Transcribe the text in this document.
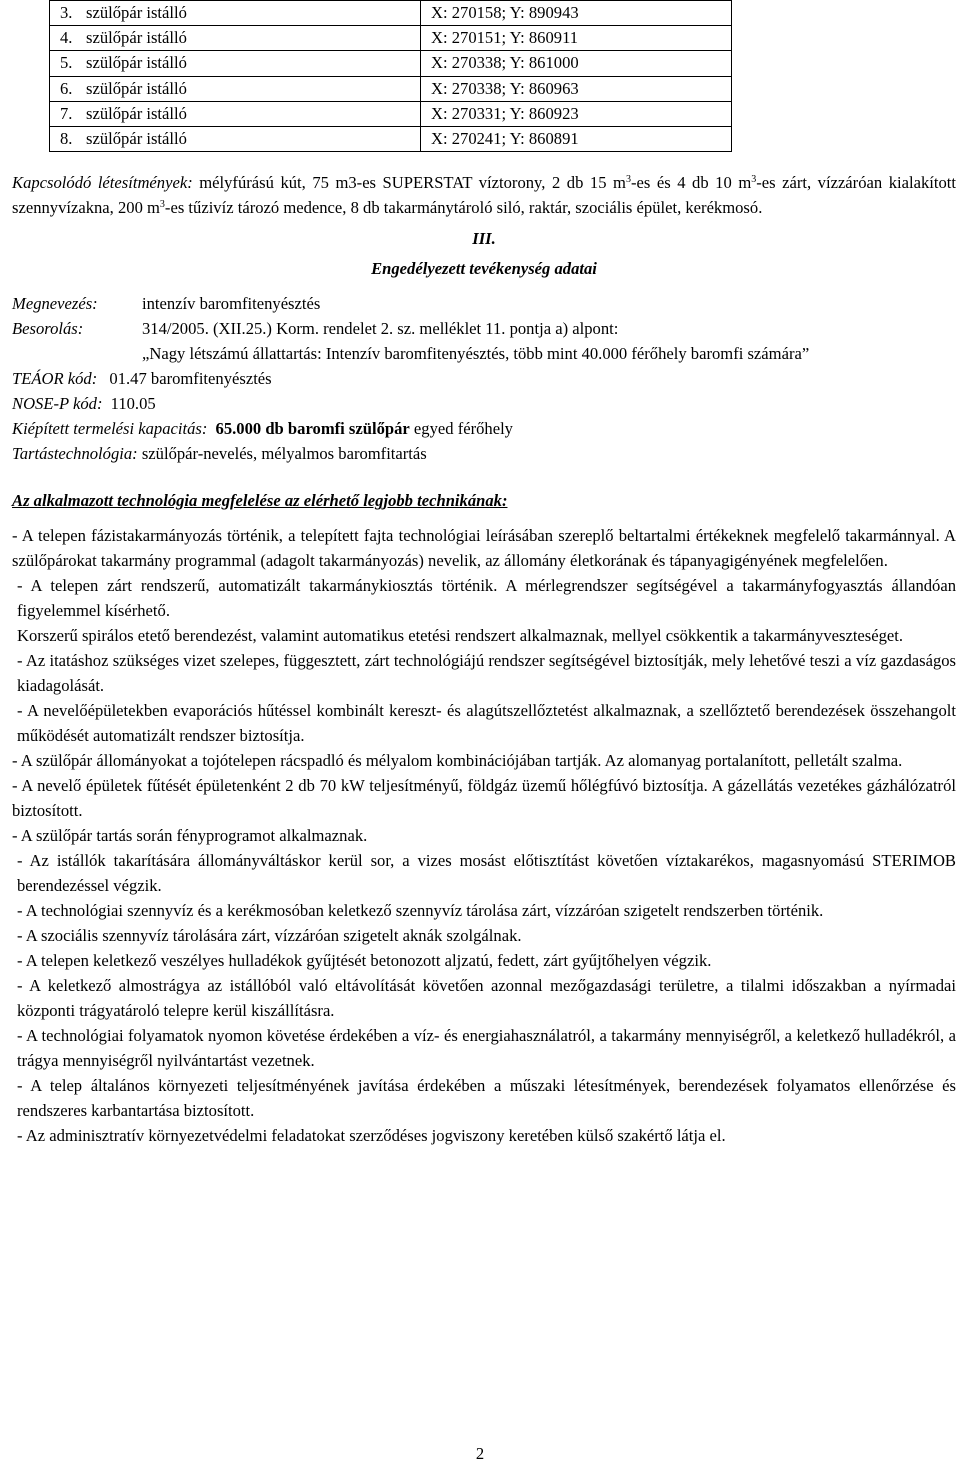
3. szülőpár istálló	X: 270158; Y: 890943
4. szülőpár istálló	X: 270151; Y: 860911
5. szülőpár istálló	X: 270338; Y: 861000
6. szülőpár istálló	X: 270338; Y: 860963
7. szülőpár istálló	X: 270331; Y: 860923
8. szülőpár istálló	X: 270241; Y: 860891

Kapcsolódó létesítmények: mélyfúrású kút, 75 m3-es SUPERSTAT víztorony, 2 db 15 $m^3-es$ és 4 db 10 $m^3-es$ zárt, vízzáróan kialakított szennyvízakna, 200 $m^3-es$ tűzivíz tározó medence, 8 db takarmánytároló siló, raktár, szociális épület, kerékmosó.

III.

Engedélyezett tevékenység adatai

Megnevezés:	intenzív baromfitenyésztés
Besorolás:	314/2005. (XII.25.) Korm. rendelet 2. sz. melléklet 11. pontja a) alpont:

„Nagy létszámú állattartás: Intenzív baromfitenyésztés, több mint 40.000 férőhely baromfi számára”

TEÁOR kód: 01.47 baromfitenyésztés

NOSE-P kód: 110.05

Kiépített termelési kapacitás: 65.000 db baromfi szülőpár egyed férőhely

Tartástechnológia: szülőpár-nevelés, mélyalmos baromfitartás

Az alkalmazott technológia megfelelése az elérhető legjobb technikának:

- A telepen fázistakarmányozás történik, a telepített fajta technológiai leírásában szereplő beltartalmi értékeknek megfelelő takarmánnyal. A szülőpárokat takarmány programmal (adagolt takarmányozás) nevelik, az állomány életkorának és tápanyagigényének megfelelően.

- A telepen zárt rendszerű, automatizált takarmánykiosztás történik. A mérlegrendszer segítségével a takarmányfogyasztás állandóan figyelemmel kísérhető.

Korszerű spirálos etető berendezést, valamint automatikus etetési rendszert alkalmaznak, mellyel csökkentik a takarmányveszteséget.

- Az itatáshoz szükséges vizet szelepes, függesztett, zárt technológiájú rendszer segítségével biztosítják, mely lehetővé teszi a víz gazdaságos kiadagolását.

- A nevelőépületekben evaporációs hűtéssel kombinált kereszt- és alagútszellőztetést alkalmaznak, a szellőztető berendezések összehangolt működését automatizált rendszer biztosítja.

- A szülőpár állományokat a tojótelepen rácspadló és mélyalom kombinációjában tartják. Az alomanyag portalanított, pelletált szalma.

- A nevelő épületek fűtését épületenként 2 db 70 kW teljesítményű, földgáz üzemű hőlégfúvó biztosítja. A gázellátás vezetékes gázhálózatról biztosított.

- A szülőpár tartás során fényprogramot alkalmaznak.

- Az istállók takarítására állományváltáskor kerül sor, a vizes mosást előtisztítást követően víztakarékos, magasnyomású STERIMOB berendezéssel végzik.

- A technológiai szennyvíz és a kerékmosóban keletkező szennyvíz tárolása zárt, vízzáróan szigetelt rendszerben történik.

- A szociális szennyvíz tárolására zárt, vízzáróan szigetelt aknák szolgálnak.

- A telepen keletkező veszélyes hulladékok gyűjtését betonozott aljzatú, fedett, zárt gyűjtőhelyen végzik.

- A keletkező almostrágya az istállóból való eltávolítását követően azonnal mezőgazdasági területre, a tilalmi időszakban a nyírmadai központi trágyatároló telepre kerül kiszállításra.

- A technológiai folyamatok nyomon követése érdekében a víz- és energiahasználatról, a takarmány mennyiségről, a keletkező hulladékról, a trágya mennyiségről nyilvántartást vezetnek.

- A telep általános környezeti teljesítményének javítása érdekében a műszaki létesítmények, berendezések folyamatos ellenőrzése és rendszeres karbantartása biztosított.

- Az adminisztratív környezetvédelmi feladatokat szerződéses jogviszony keretében külső szakértő látja el.

2
